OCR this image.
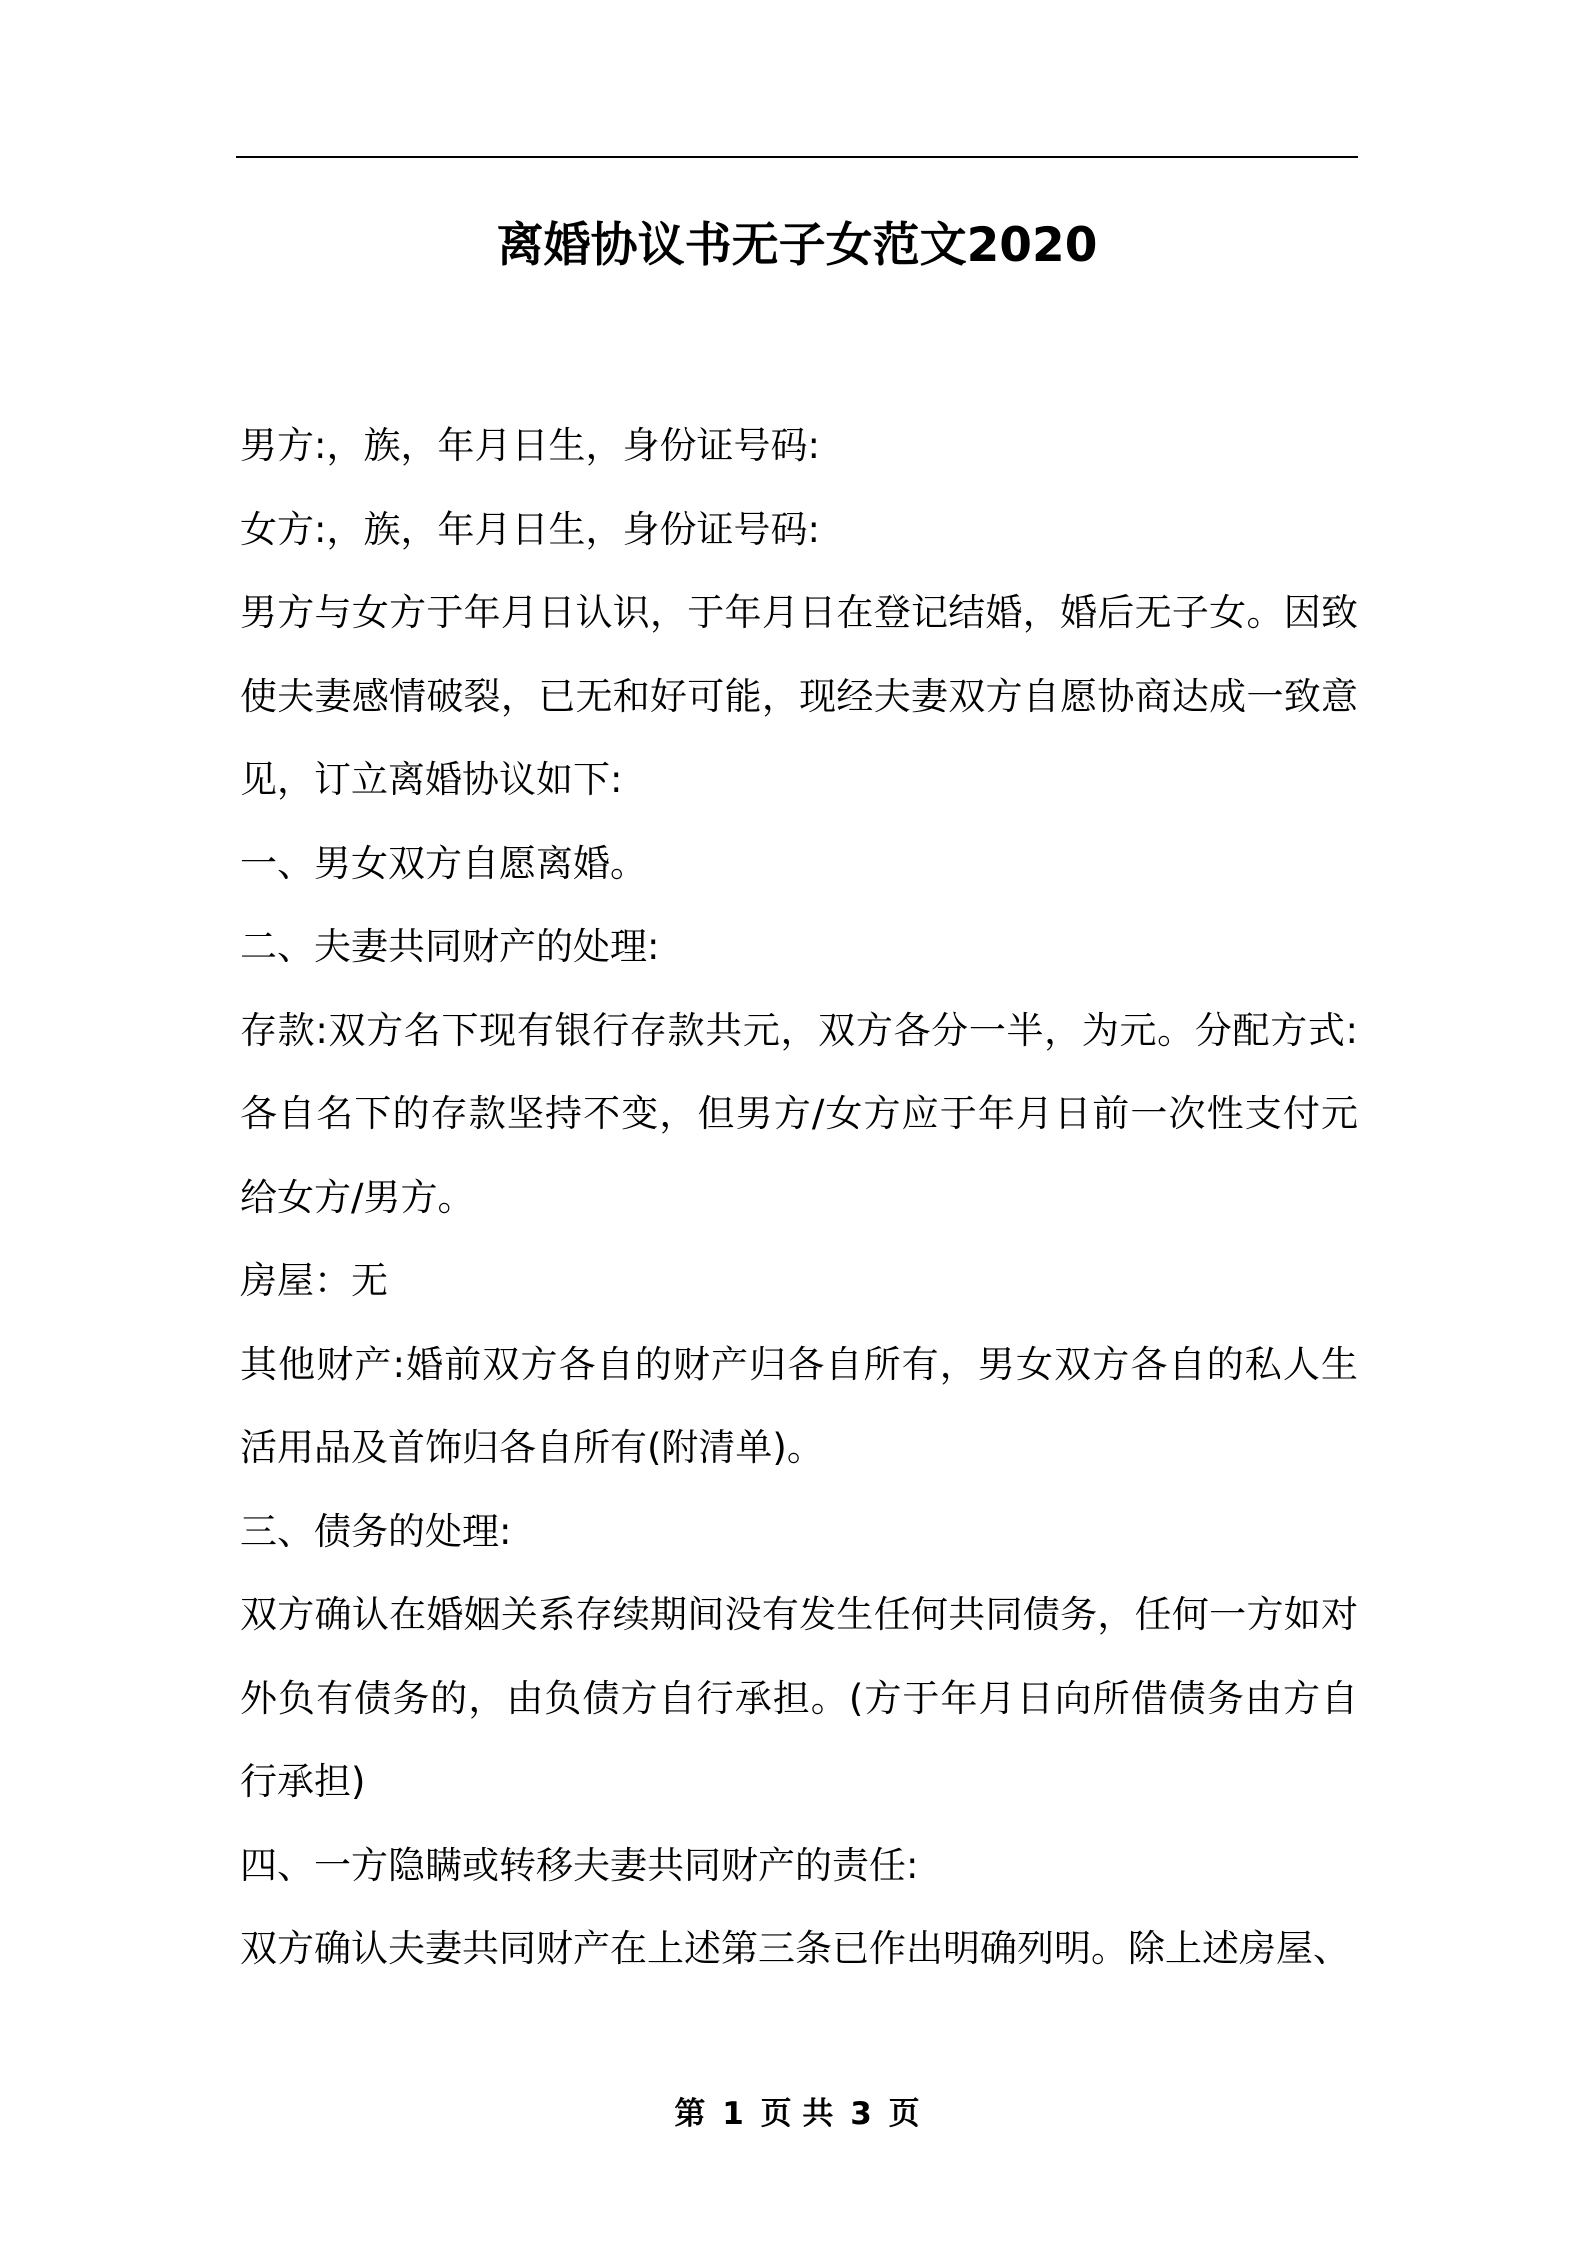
离婚协议书无子女范文2020

男方:，族，年月日生，身份证号码:

女方:，族，年月日生，身份证号码:

男方与女方于年月日认识，于年月日在登记结婚，婚后无子女。因致使夫妻感情破裂，已无和好可能，现经夫妻双方自愿协商达成一致意见，订立离婚协议如下:

一、男女双方自愿离婚。

二、夫妻共同财产的处理:

存款:双方名下现有银行存款共元，双方各分一半，为元。分配方式:各自名下的存款坚持不变，但男方/女方应于年月日前一次性支付元给女方/男方。

房屋：无

其他财产:婚前双方各自的财产归各自所有，男女双方各自的私人生活用品及首饰归各自所有(附清单)。

三、债务的处理:

双方确认在婚姻关系存续期间没有发生任何共同债务，任何一方如对外负有债务的，由负债方自行承担。(方于年月日向所借债务由方自行承担)

四、一方隐瞒或转移夫妻共同财产的责任:

双方确认夫妻共同财产在上述第三条已作出明确列明。除上述房屋、

第 1 页 共 3 页
